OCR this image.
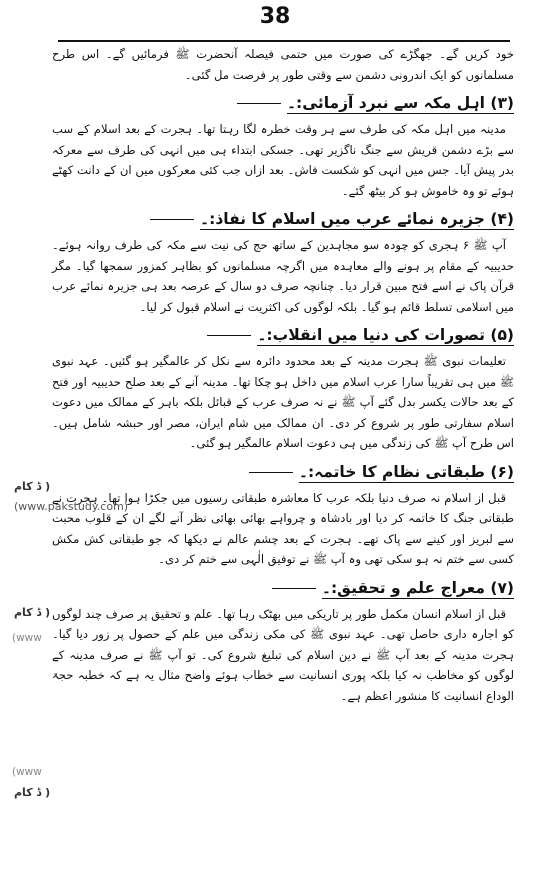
38

خود کریں گے۔ جھگڑے کی صورت میں حتمی فیصلہ آنحضرت ﷺ فرمائیں گے۔ اس طرح مسلمانوں کو ایک اندرونی دشمن سے وقتی طور پر فرصت مل گئی۔

(۳) اہل مکہ سے نبرد آزمائی:۔

مدینہ میں اہل مکہ کی طرف سے ہر وقت خطرہ لگا رہتا تھا۔ ہجرت کے بعد اسلام کے سب سے بڑے دشمن قریش سے جنگ ناگزیر تھی۔ جسکی ابتداء ہی میں انہی کی طرف سے معرکہ بدر پیش آیا۔ جس میں انہی کو شکست فاش۔ بعد ازاں جب کئی معرکوں میں ان کے دانت کھٹے ہوئے تو وہ خاموش ہو کر بیٹھ گئے۔

(۴) جزیرہ نمائے عرب میں اسلام کا نفاذ:۔

آپ ﷺ ۶ ہجری کو چودہ سو مجاہدین کے ساتھ حج کی نیت سے مکہ کی طرف روانہ ہوئے۔ حدیبیہ کے مقام پر ہونے والے معاہدہ میں اگرچہ مسلمانوں کو بظاہر کمزور سمجھا گیا۔ مگر قرآن پاک نے اسے فتح مبین قرار دیا۔ چنانچہ صرف دو سال کے عرصہ بعد ہی جزیرہ نمائے عرب میں اسلامی تسلط قائم ہو گیا۔ بلکہ لوگوں کی اکثریت نے اسلام قبول کر لیا۔

(۵) تصورات کی دنیا میں انقلاب:۔

تعلیمات نبوی ﷺ ہجرت مدینہ کے بعد محدود دائرہ سے نکل کر عالمگیر ہو گئیں۔ عہد نبوی ﷺ میں ہی تقریباً سارا عرب اسلام میں داخل ہو چکا تھا۔ مدینہ آنے کے بعد صلح حدیبیہ اور فتح کے بعد حالات یکسر بدل گئے آپ ﷺ نے نہ صرف عرب کے قبائل بلکہ باہر کے ممالک میں دعوت اسلام سفارتی طور پر شروع کر دی۔ ان ممالک میں شام ایران، مصر اور حبشہ شامل ہیں۔ اس طرح آپ ﷺ کی زندگی میں ہی دعوت اسلام عالمگیر ہو گئی۔

(۶) طبقاتی نظام کا خاتمہ:۔

قبل از اسلام نہ صرف دنیا بلکہ عرب کا معاشرہ طبقاتی رسیوں میں جکڑا ہوا تھا۔ ہجرت نے طبقاتی جنگ کا خاتمہ کر دیا اور بادشاہ و چرواہے بھائی بھائی نظر آنے لگے ان کے قلوب محبت سے لبریز اور کینے سے پاک تھے۔ ہجرت کے بعد چشم عالم نے دیکھا کہ جو طبقاتی کش مکش کسی سے ختم نہ ہو سکی تھی وہ آپ ﷺ نے توفیق الٰہی سے ختم کر دی۔

(۷) معراج علم و تحقیق:۔

قبل از اسلام انسان مکمل طور پر تاریکی میں بھٹک رہا تھا۔ علم و تحقیق پر صرف چند لوگوں کو اجارہ داری حاصل تھی۔ عہد نبوی ﷺ کی مکی زندگی میں علم کے حصول پر زور دیا گیا۔ ہجرت مدینہ کے بعد آپ ﷺ نے دین اسلام کی تبلیغ شروع کی۔ تو آپ ﷺ نے صرف مدینہ کے لوگوں کو مخاطب نہ کیا بلکہ پوری انسانیت سے خطاب ہوئے واضح مثال یہ ہے کہ خطبہ حجۃ الوداع انسانیت کا منشور اعظم ہے۔

ڈ کام )
(www.pakstudy.com)
ڈ کام )
(www
(www
ڈ کام )
